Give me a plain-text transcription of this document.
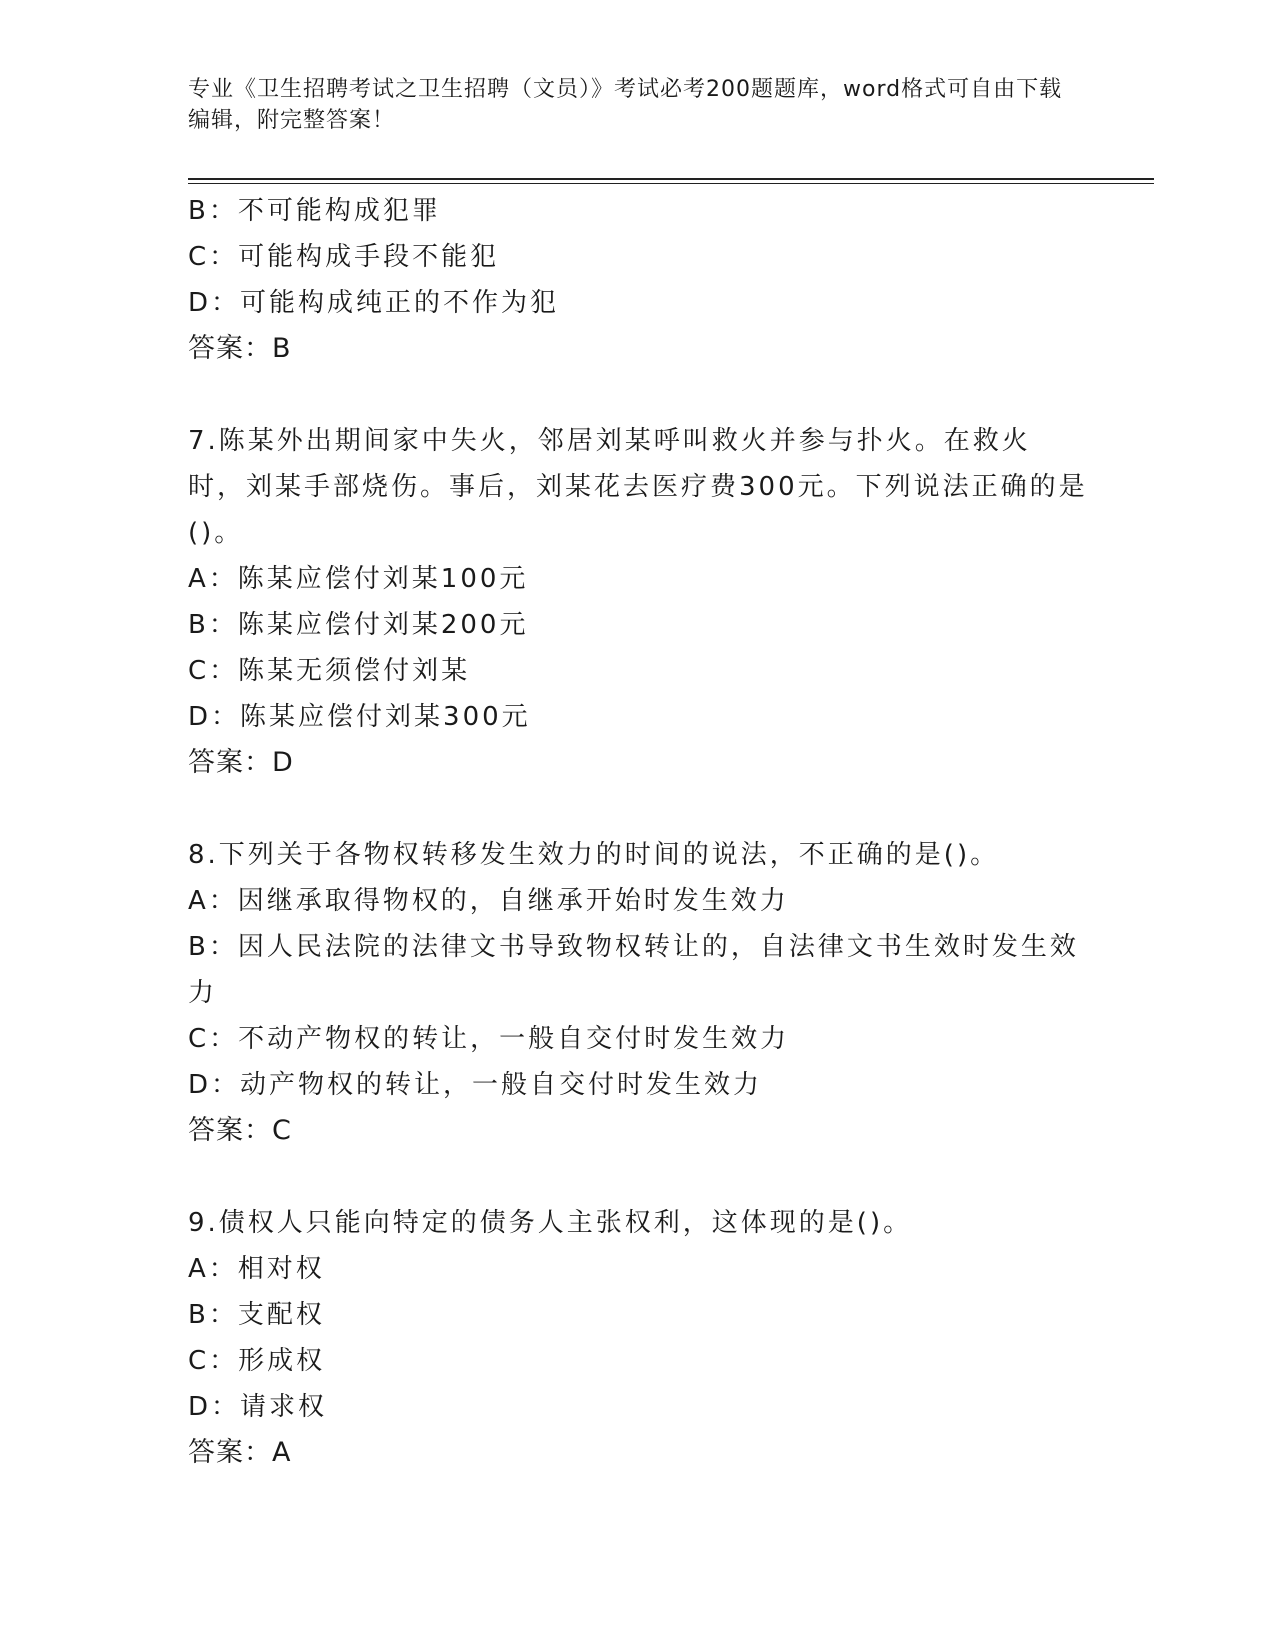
专业《卫生招聘考试之卫生招聘（文员）》考试必考200题题库，word格式可自由下载编辑，附完整答案！
B：不可能构成犯罪
C：可能构成手段不能犯
D：可能构成纯正的不作为犯
答案：B
7.陈某外出期间家中失火，邻居刘某呼叫救火并参与扑火。在救火时，刘某手部烧伤。事后，刘某花去医疗费300元。下列说法正确的是()。
A：陈某应偿付刘某100元
B：陈某应偿付刘某200元
C：陈某无须偿付刘某
D：陈某应偿付刘某300元
答案：D
8.下列关于各物权转移发生效力的时间的说法，不正确的是()。
A：因继承取得物权的，自继承开始时发生效力
B：因人民法院的法律文书导致物权转让的，自法律文书生效时发生效力
C：不动产物权的转让，一般自交付时发生效力
D：动产物权的转让，一般自交付时发生效力
答案：C
9.债权人只能向特定的债务人主张权利，这体现的是()。
A：相对权
B：支配权
C：形成权
D：请求权
答案：A
